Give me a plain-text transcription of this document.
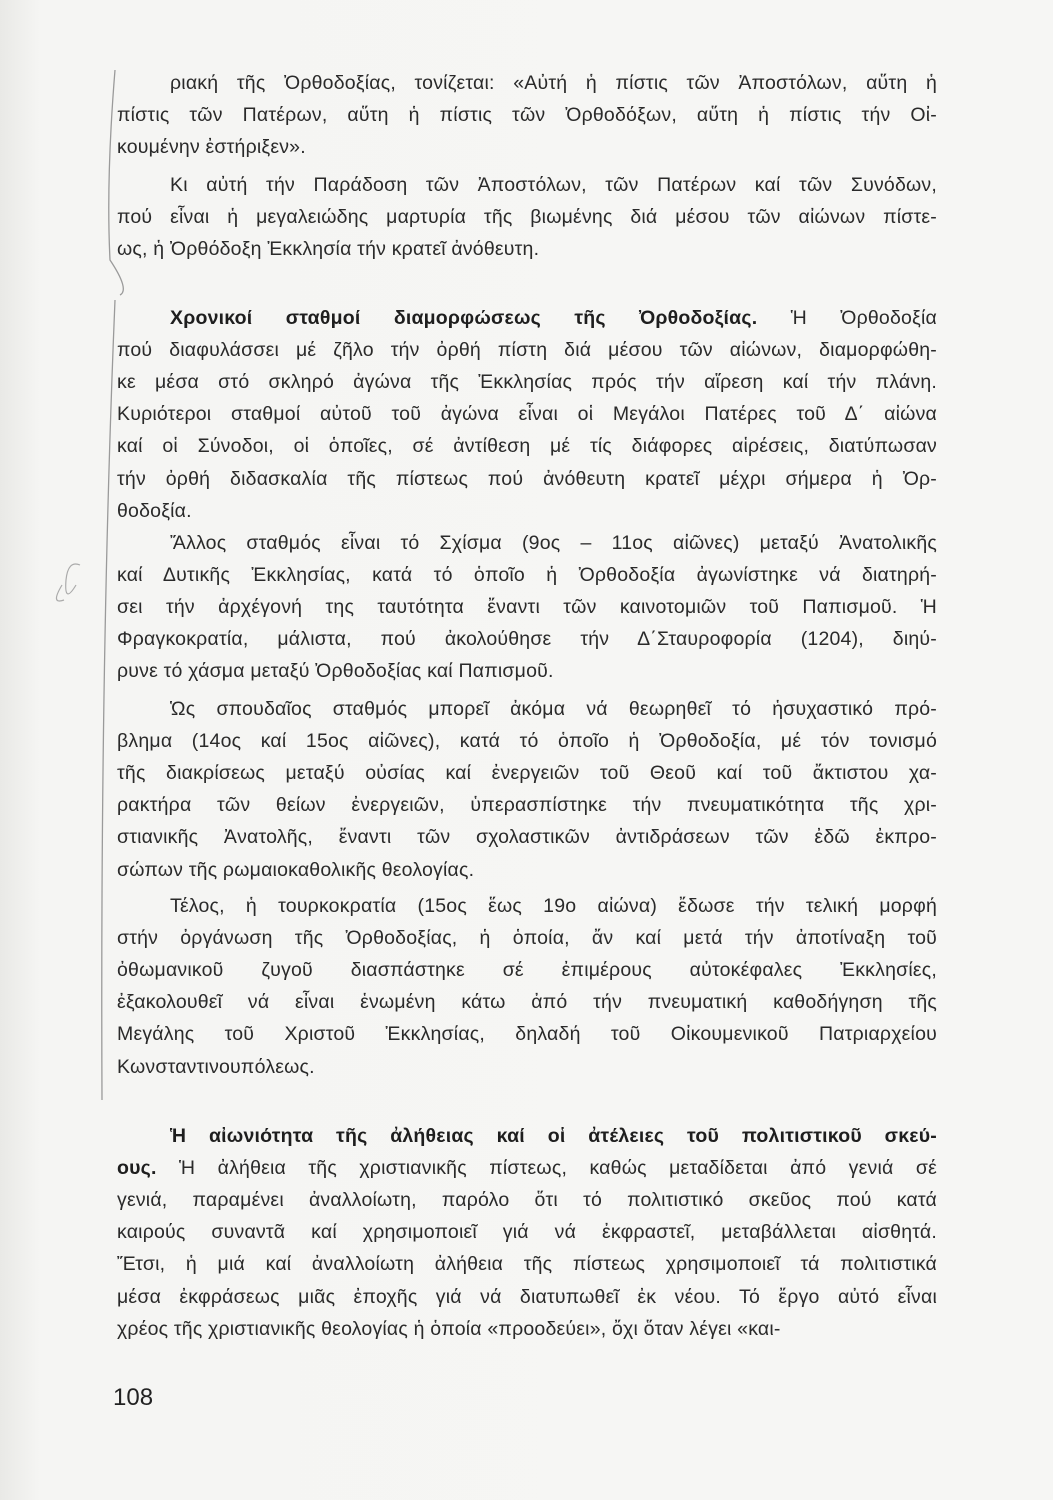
ριακή τῆς Ὀρθοδοξίας, τονίζεται: «Αὐτή ἡ πίστις τῶν Ἀποστόλων, αὕτη ἡ
πίστις τῶν Πατέρων, αὕτη ἡ πίστις τῶν Ὀρθοδόξων, αὕτη ἡ πίστις τήν Οἰ-
κουμένην ἐστήριξεν».
Κι αὐτή τήν Παράδοση τῶν Ἀποστόλων, τῶν Πατέρων καί τῶν Συνόδων,
πού εἶναι ἡ μεγαλειώδης μαρτυρία τῆς βιωμένης διά μέσου τῶν αἰώνων πίστε-
ως, ἡ Ὀρθόδοξη Ἐκκλησία τήν κρατεῖ ἀνόθευτη.
Χρονικοί σταθμοί διαμορφώσεως τῆς Ὀρθοδοξίας. Ἡ Ὀρθοδοξία
πού διαφυλάσσει μέ ζῆλο τήν ὀρθή πίστη διά μέσου τῶν αἰώνων, διαμορφώθη-
κε μέσα στό σκληρό ἀγώνα τῆς Ἐκκλησίας πρός τήν αἵρεση καί τήν πλάνη.
Κυριότεροι σταθμοί αὐτοῦ τοῦ ἀγώνα εἶναι οἱ Μεγάλοι Πατέρες τοῦ Δ΄ αἰώνα
καί οἱ Σύνοδοι, οἱ ὁποῖες, σέ ἀντίθεση μέ τίς διάφορες αἱρέσεις, διατύπωσαν
τήν ὀρθή διδασκαλία τῆς πίστεως πού ἀνόθευτη κρατεῖ μέχρι σήμερα ἡ Ὀρ-
θοδοξία.
Ἄλλος σταθμός εἶναι τό Σχίσμα (9ος – 11ος αἰῶνες) μεταξύ Ἀνατολικῆς
καί Δυτικῆς Ἐκκλησίας, κατά τό ὁποῖο ἡ Ὀρθοδοξία ἀγωνίστηκε νά διατηρή-
σει τήν ἀρχέγονή της ταυτότητα ἔναντι τῶν καινοτομιῶν τοῦ Παπισμοῦ. Ἡ
Φραγκοκρατία, μάλιστα, πού ἀκολούθησε τήν Δ΄Σταυροφορία (1204), διηύ-
ρυνε τό χάσμα μεταξύ Ὀρθοδοξίας καί Παπισμοῦ.
Ὡς σπουδαῖος σταθμός μπορεῖ ἀκόμα νά θεωρηθεῖ τό ἡσυχαστικό πρό-
βλημα (14ος καί 15ος αἰῶνες), κατά τό ὁποῖο ἡ Ὀρθοδοξία, μέ τόν τονισμό
τῆς διακρίσεως μεταξύ οὐσίας καί ἐνεργειῶν τοῦ Θεοῦ καί τοῦ ἄκτιστου χα-
ρακτήρα τῶν θείων ἐνεργειῶν, ὑπερασπίστηκε τήν πνευματικότητα τῆς χρι-
στιανικῆς Ἀνατολῆς, ἔναντι τῶν σχολαστικῶν ἀντιδράσεων τῶν ἐδῶ ἐκπρο-
σώπων τῆς ρωμαιοκαθολικῆς θεολογίας.
Τέλος, ἡ τουρκοκρατία (15ος ἕως 19ο αἰώνα) ἔδωσε τήν τελική μορφή
στήν ὀργάνωση τῆς Ὀρθοδοξίας, ἡ ὁποία, ἄν καί μετά τήν ἀποτίναξη τοῦ
ὀθωμανικοῦ ζυγοῦ διασπάστηκε σέ ἐπιμέρους αὐτοκέφαλες Ἐκκλησίες,
ἐξακολουθεῖ νά εἶναι ἑνωμένη κάτω ἀπό τήν πνευματική καθοδήγηση τῆς
Μεγάλης τοῦ Χριστοῦ Ἐκκλησίας, δηλαδή τοῦ Οἰκουμενικοῦ Πατριαρχείου
Κωνσταντινουπόλεως.
Ἡ αἰωνιότητα τῆς ἀλήθειας καί οἱ ἀτέλειες τοῦ πολιτιστικοῦ σκεύ-
ους. Ἡ ἀλήθεια τῆς χριστιανικῆς πίστεως, καθώς μεταδίδεται ἀπό γενιά σέ
γενιά, παραμένει ἀναλλοίωτη, παρόλο ὅτι τό πολιτιστικό σκεῦος πού κατά
καιρούς συναντᾶ καί χρησιμοποιεῖ γιά νά ἐκφραστεῖ, μεταβάλλεται αἰσθητά.
Ἔτσι, ἡ μιά καί ἀναλλοίωτη ἀλήθεια τῆς πίστεως χρησιμοποιεῖ τά πολιτιστικά
μέσα ἐκφράσεως μιᾶς ἐποχῆς γιά νά διατυπωθεῖ ἐκ νέου. Τό ἔργο αὐτό εἶναι
χρέος τῆς χριστιανικῆς θεολογίας ἡ ὁποία «προοδεύει», ὄχι ὅταν λέγει «και-
108
